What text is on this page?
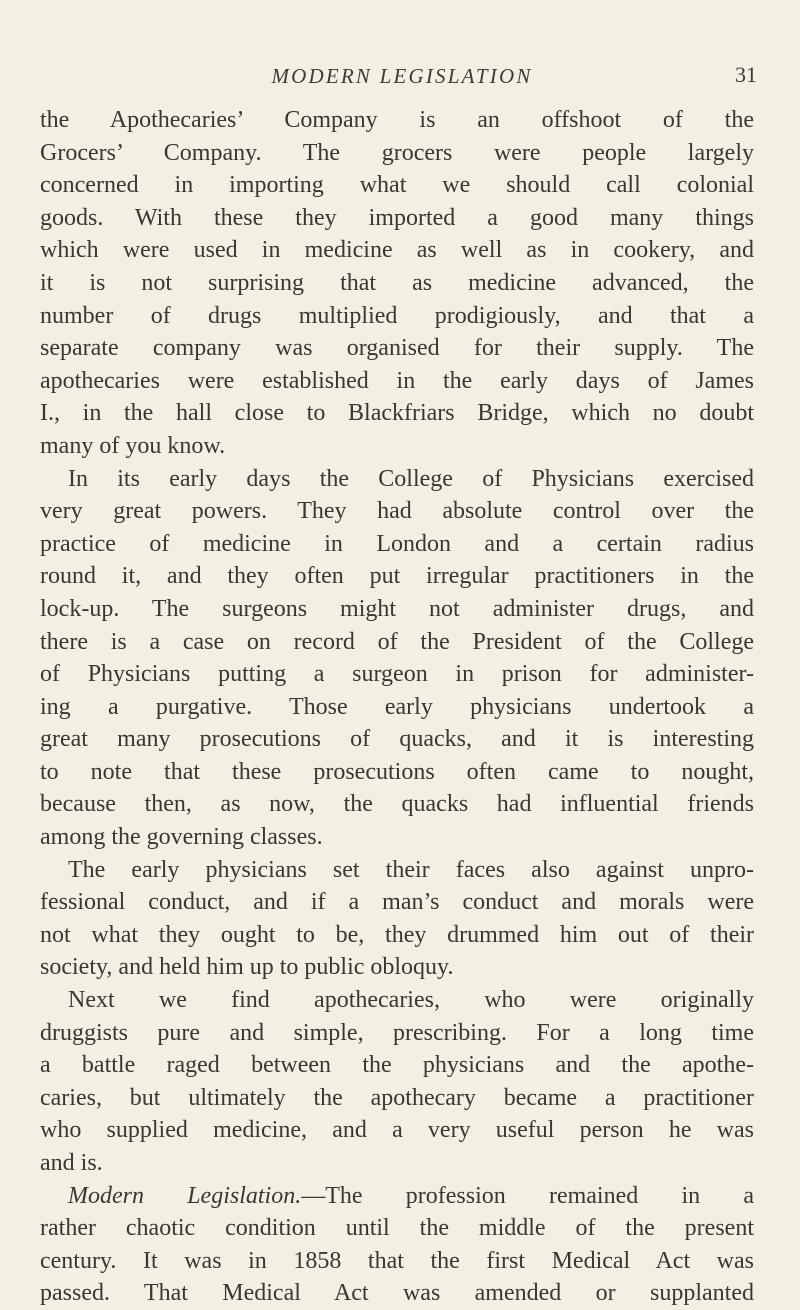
MODERN LEGISLATION	31
the Apothecaries’ Company is an offshoot of the
Grocers’ Company. The grocers were people largely
concerned in importing what we should call colonial
goods. With these they imported a good many things
which were used in medicine as well as in cookery, and
it is not surprising that as medicine advanced, the
number of drugs multiplied prodigiously, and that a
separate company was organised for their supply. The
apothecaries were established in the early days of James
I., in the hall close to Blackfriars Bridge, which no doubt
many of you know.
In its early days the College of Physicians exercised
very great powers. They had absolute control over the
practice of medicine in London and a certain radius
round it, and they often put irregular practitioners in the
lock-up. The surgeons might not administer drugs, and
there is a case on record of the President of the College
of Physicians putting a surgeon in prison for administer-
ing a purgative. Those early physicians undertook a
great many prosecutions of quacks, and it is interesting
to note that these prosecutions often came to nought,
because then, as now, the quacks had influential friends
among the governing classes.
The early physicians set their faces also against unpro-
fessional conduct, and if a man’s conduct and morals were
not what they ought to be, they drummed him out of their
society, and held him up to public obloquy.
Next we find apothecaries, who were originally
druggists pure and simple, prescribing. For a long time
a battle raged between the physicians and the apothe-
caries, but ultimately the apothecary became a practitioner
who supplied medicine, and a very useful person he was
and is.
Modern Legislation.—The profession remained in a
rather chaotic condition until the middle of the present
century. It was in 1858 that the first Medical Act was
passed. That Medical Act was amended or supplanted
